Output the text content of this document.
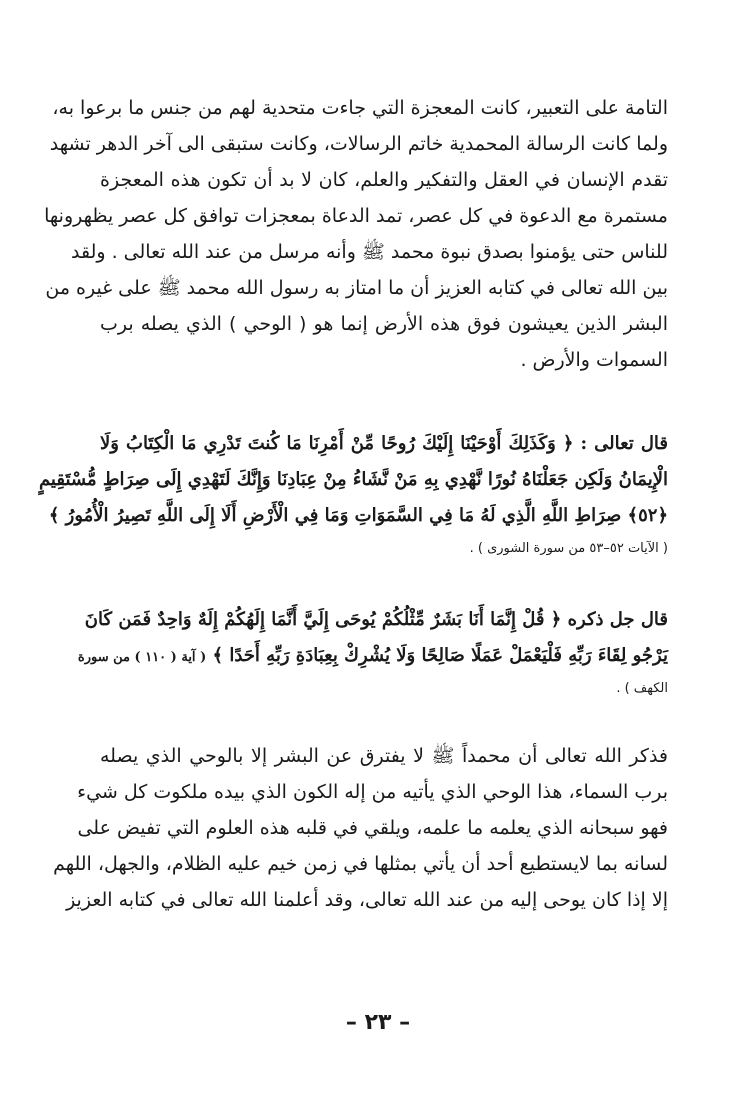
التامة على التعبير، كانت المعجزة التي جاءت متحدية لهم من جنس ما برعوا به،
ولما كانت الرسالة المحمدية خاتم الرسالات، وكانت ستبقى الى آخر الدهر تشهد
تقدم الإنسان في العقل والتفكير والعلم، كان لا بد أن تكون هذه المعجزة
مستمرة مع الدعوة في كل عصر، تمد الدعاة بمعجزات توافق كل عصر يظهرونها
للناس حتى يؤمنوا بصدق نبوة محمد ﷺ وأنه مرسل من عند الله تعالى . ولقد
بين الله تعالى في كتابه العزيز أن ما امتاز به رسول الله محمد ﷺ على غيره من
البشر الذين يعيشون فوق هذه الأرض إنما هو ( الوحي ) الذي يصله برب
السموات والأرض .
قال تعالى : ﴿ وَكَذَلِكَ أَوْحَيْنَا إِلَيْكَ رُوحًا مِّنْ أَمْرِنَا مَا كُنتَ تَدْرِي مَا الْكِتَابُ وَلَا
الْإِيمَانُ وَلَكِن جَعَلْنَاهُ نُورًا نَّهْدِي بِهِ مَنْ نَّشَاءُ مِنْ عِبَادِنَا وَإِنَّكَ لَتَهْدِي إِلَى صِرَاطٍ مُّسْتَقِيمٍ
﴿٥٢﴾ صِرَاطِ اللَّهِ الَّذِي لَهُ مَا فِي السَّمَوَاتِ وَمَا فِي الْأَرْضِ أَلَا إِلَى اللَّهِ تَصِيرُ الْأُمُورُ ﴾
( الآيات ٥٢–٥٣ من سورة الشورى ) .
قال جل ذكره ﴿ قُلْ إِنَّمَا أَنَا بَشَرٌ مِّثْلُكُمْ يُوحَى إِلَيَّ أَنَّمَا إِلَهُكُمْ إِلَهٌ وَاحِدٌ فَمَن كَانَ
يَرْجُو لِقَاءَ رَبِّهِ فَلْيَعْمَلْ عَمَلًا صَالِحًا وَلَا يُشْرِكْ بِعِبَادَةِ رَبِّهِ أَحَدًا ﴾ ( آية ( ١١٠ ) من سورة
الكهف ) .
فذكر الله تعالى أن محمداً ﷺ لا يفترق عن البشر إلا بالوحي الذي يصله
برب السماء، هذا الوحي الذي يأتيه من إله الكون الذي بيده ملكوت كل شيء
فهو سبحانه الذي يعلمه ما علمه، ويلقي في قلبه هذه العلوم التي تفيض على
لسانه بما لايستطيع أحد أن يأتي بمثلها في زمن خيم عليه الظلام، والجهل، اللهم
إلا إذا كان يوحى إليه من عند الله تعالى، وقد أعلمنا الله تعالى في كتابه العزيز
– ٢٣ –
